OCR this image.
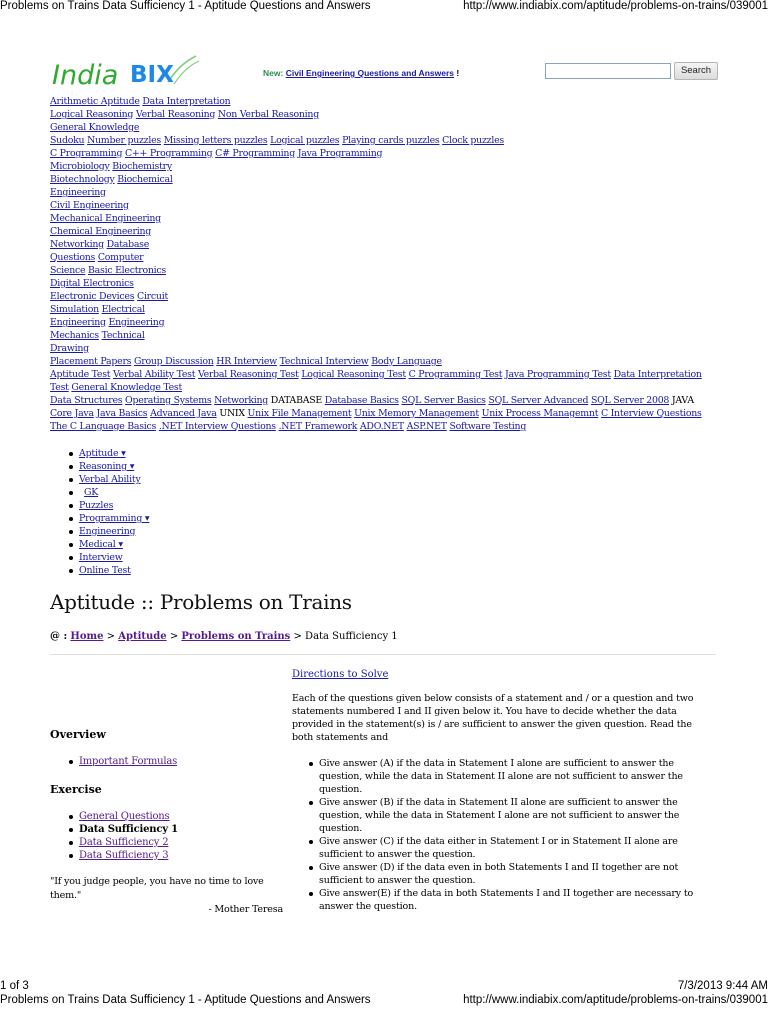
Problems on Trains Data Sufficiency 1 - Aptitude Questions and Answers	http://www.indiabix.com/aptitude/problems-on-trains/039001
India BIX	New: Civil Engineering Questions and Answers !	Search
Arithmetic Aptitude Data Interpretation
Logical Reasoning Verbal Reasoning Non Verbal Reasoning
General Knowledge
Sudoku Number puzzles Missing letters puzzles Logical puzzles Playing cards puzzles Clock puzzles
C Programming C++ Programming C# Programming Java Programming
Microbiology Biochemistry
Biotechnology Biochemical
Engineering
Civil Engineering
Mechanical Engineering
Chemical Engineering
Networking Database
Questions Computer
Science Basic Electronics
Digital Electronics
Electronic Devices Circuit
Simulation Electrical
Engineering Engineering
Mechanics Technical
Drawing
Placement Papers Group Discussion HR Interview Technical Interview Body Language
Aptitude Test Verbal Ability Test Verbal Reasoning Test Logical Reasoning Test C Programming Test Java Programming Test Data Interpretation
Test General Knowledge Test
Data Structures Operating Systems Networking DATABASE Database Basics SQL Server Basics SQL Server Advanced SQL Server 2008 JAVA
Core Java Java Basics Advanced Java UNIX Unix File Management Unix Memory Management Unix Process Managemnt C Interview Questions
The C Language Basics .NET Interview Questions .NET Framework ADO.NET ASP.NET Software Testing
Aptitude ▾
Reasoning ▾
Verbal Ability
GK
Puzzles
Programming ▾
Engineering
Medical ▾
Interview
Online Test
Aptitude :: Problems on Trains
@ : Home > Aptitude > Problems on Trains > Data Sufficiency 1
Overview
Important Formulas
Exercise
General Questions
Data Sufficiency 1
Data Sufficiency 2
Data Sufficiency 3
"If you judge people, you have no time to love them."
- Mother Teresa
Directions to Solve
Each of the questions given below consists of a statement and / or a question and two statements numbered I and II given below it. You have to decide whether the data provided in the statement(s) is / are sufficient to answer the given question. Read the both statements and
Give answer (A) if the data in Statement I alone are sufficient to answer the question, while the data in Statement II alone are not sufficient to answer the question.
Give answer (B) if the data in Statement II alone are sufficient to answer the question, while the data in Statement I alone are not sufficient to answer the question.
Give answer (C) if the data either in Statement I or in Statement II alone are sufficient to answer the question.
Give answer (D) if the data even in both Statements I and II together are not sufficient to answer the question.
Give answer(E) if the data in both Statements I and II together are necessary to answer the question.
1 of 3	7/3/2013 9:44 AM
Problems on Trains Data Sufficiency 1 - Aptitude Questions and Answers	http://www.indiabix.com/aptitude/problems-on-trains/039001
